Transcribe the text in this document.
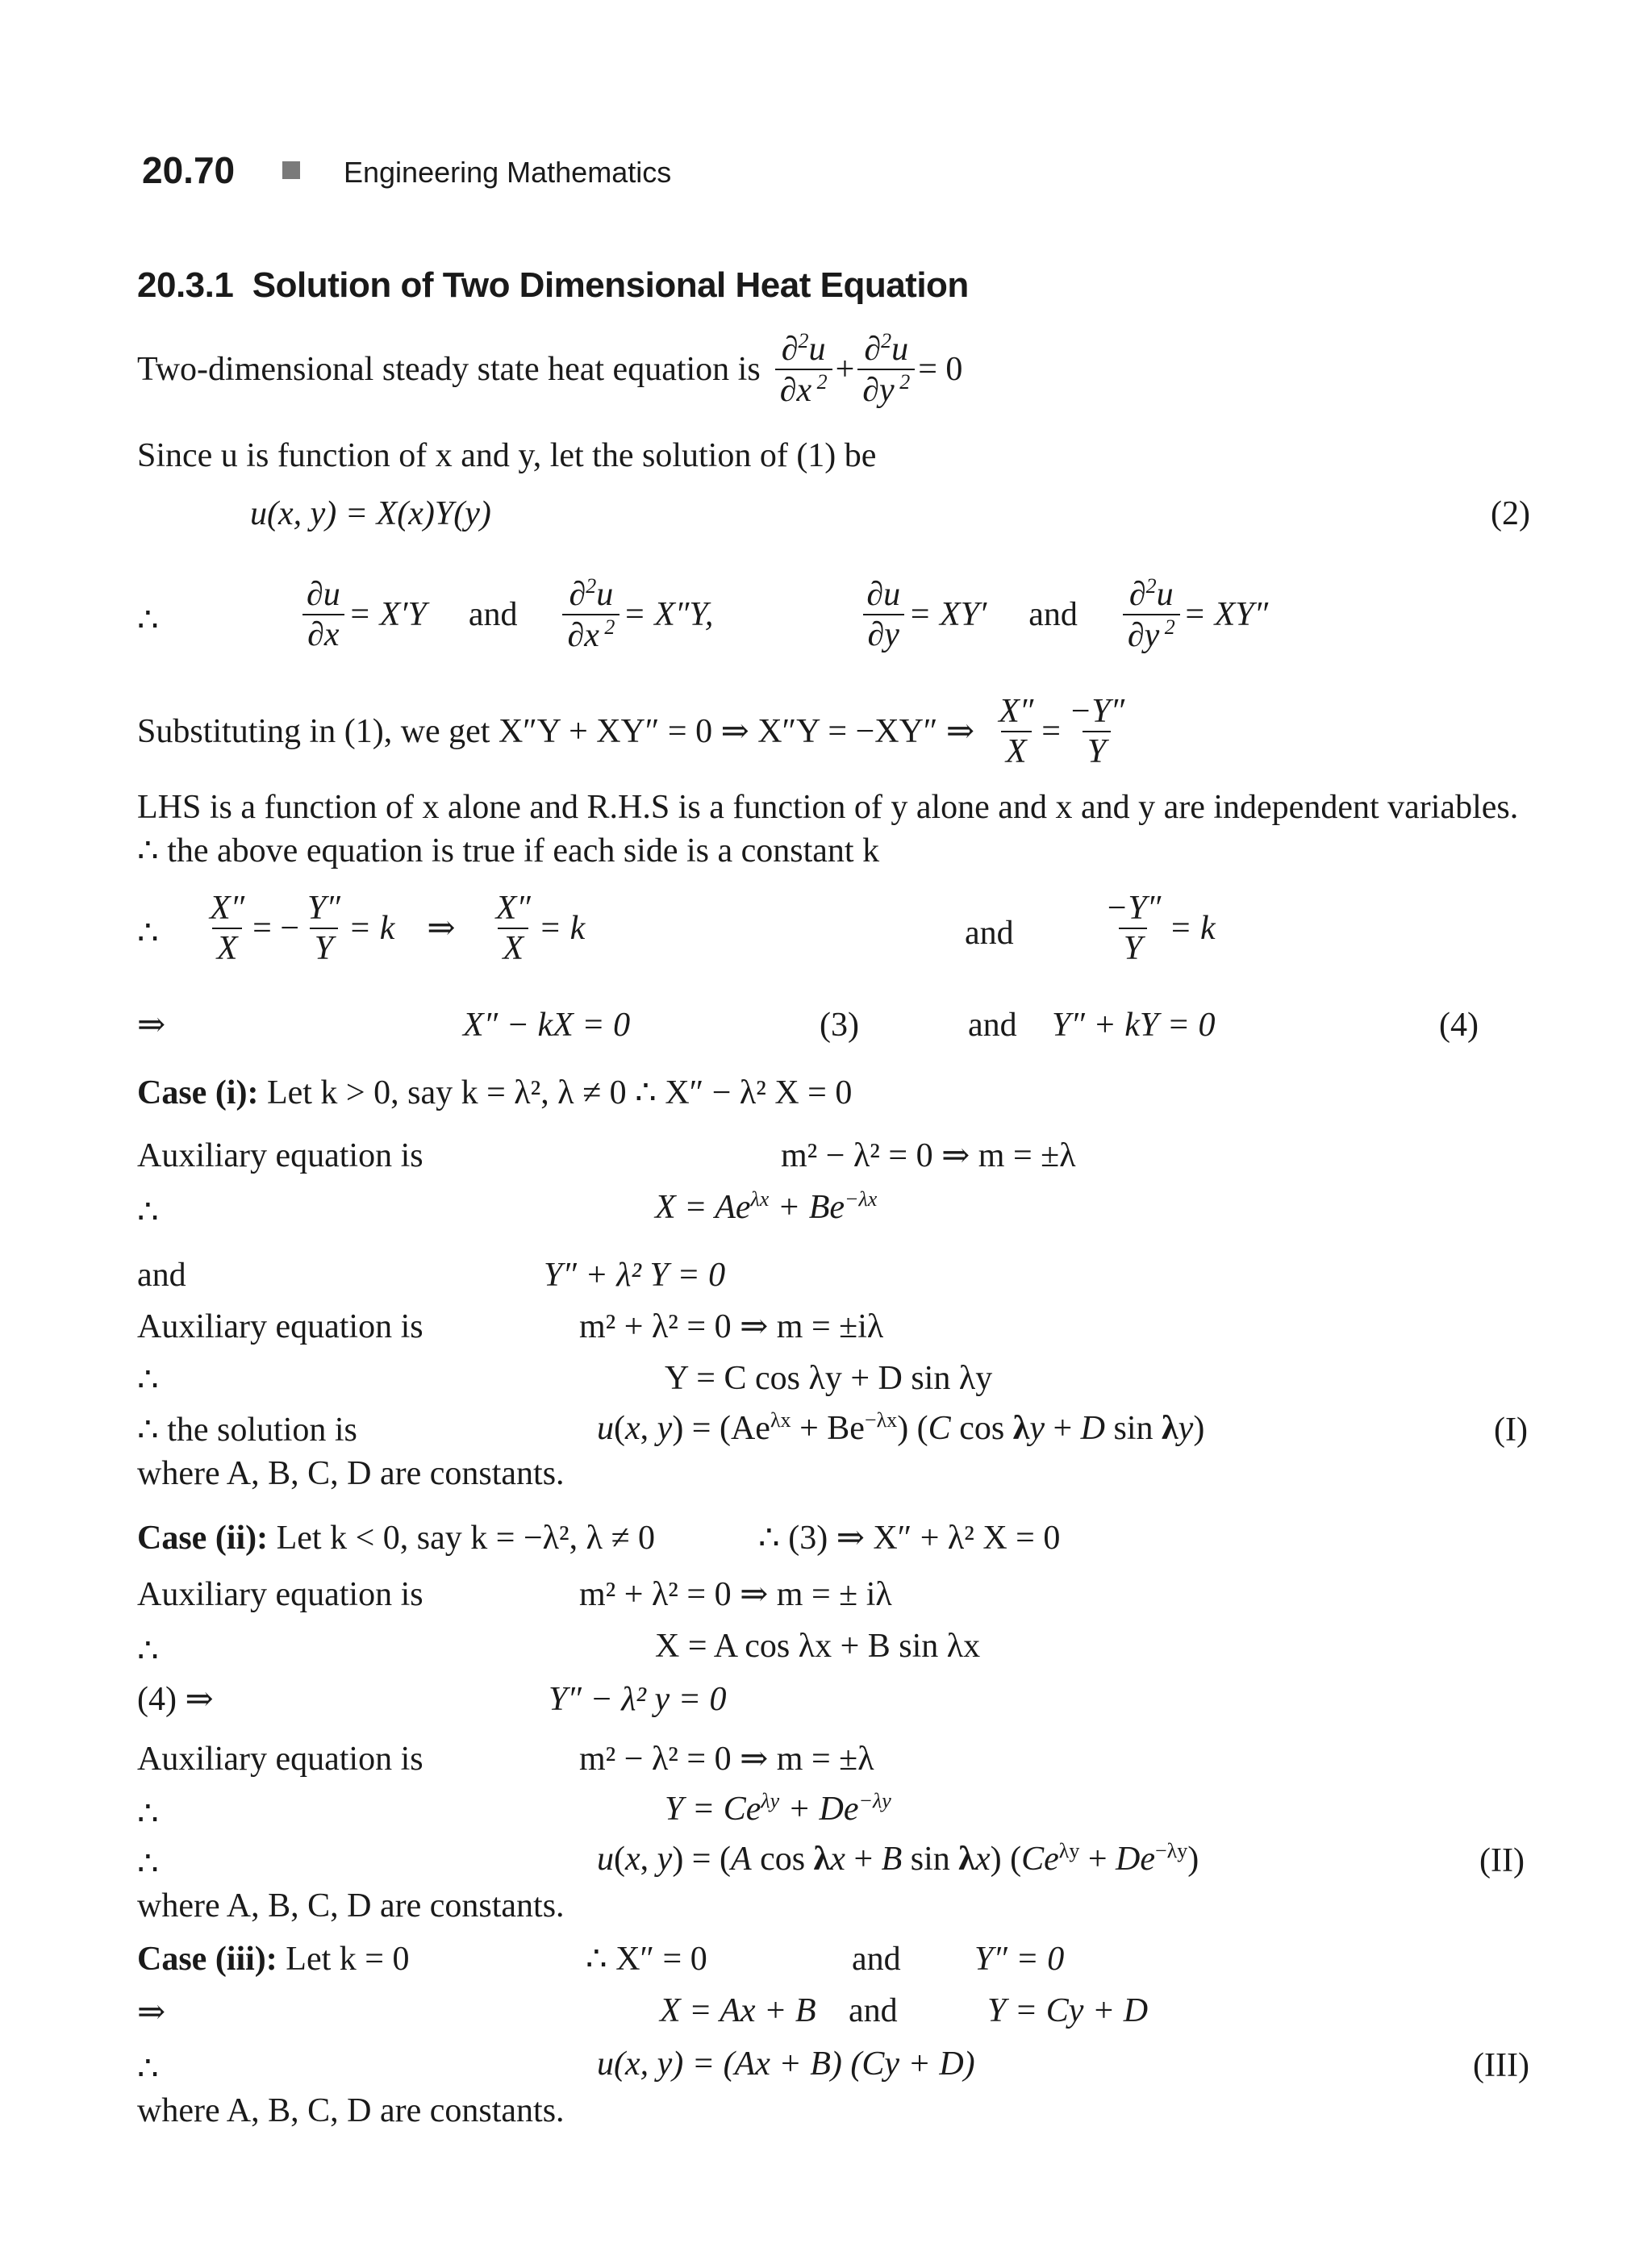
20.70	Engineering Mathematics
20.3.1 Solution of Two Dimensional Heat Equation
Two-dimensional steady state heat equation is $\frac{\partial^2u}{\partial x ^2} + \frac{\partial^2u}{\partial y ^2} = 0$
Since u is function of x and y, let the solution of (1) be
u(x, y) = X(x)Y(y)	(2)
∴	$\frac{\partial u}{\partial x} = X'Y$ and $\frac{\partial^2u}{\partial x ^2} = X''Y$,	$\frac{\partial u}{\partial y} = XY'$ and $\frac{\partial^2u}{\partial y ^2} = XY''$
Substituting in (1), we get X″Y + XY″ = 0 ⇒ X″Y = −XY″ ⇒ $\frac{X''}{X} = \frac{-Y''}{Y}$
LHS is a function of x alone and R.H.S is a function of y alone and x and y are independent variables.
∴ the above equation is true if each side is a constant k
∴ $\frac{X''}{X}$ = − $\frac{Y''}{Y} = k$ ⇒ $\frac{X''}{X} = k$	and	$\frac{-Y''}{Y} = k$
⇒	X″ − kX = 0	(3)	and Y″ + kY = 0	(4)
Case (i): Let k > 0, say k = λ², λ ≠ 0 ∴ X″ − λ² X = 0
Auxiliary equation is	m² − λ² = 0 ⇒ m = ±λ
∴	$X = Ae^{\lambda x} + Be^{-\lambda x}$
and	Y″ + λ² Y = 0
Auxiliary equation is	m² + λ² = 0 ⇒ m = ±iλ
∴	Y = C cos λy + D sin λy
∴ the solution is	u(x, $y) = (Ae^{\lambda x} + Be^{-\lambda x})$ (C cos λy + D sin λy)	(I)
where A, B, C, D are constants.
Case (ii): Let k < 0, say k = −λ², λ ≠ 0	∴ (3) ⇒ X″ + λ² X = 0
Auxiliary equation is	m² + λ² = 0 ⇒ m = ± iλ
∴	X = A cos λx + B sin λx
(4) ⇒	Y″ − λ² y = 0
Auxiliary equation is	m² − λ² = 0 ⇒ m = ±λ
∴	$Y = Ce^{\lambda y} + De^{-\lambda y}$
∴	u(x, y) = (A cos λx + B sin λx) $(Ce^{\lambda y} + De^{-\lambda y})$	(II)
where A, B, C, D are constants.
Case (iii): Let k = 0	∴ X″ = 0	and Y″ = 0
⇒	X = Ax + B and	Y = Cy + D
∴	u(x, y) = (Ax + B) (Cy + D)	(III)
where A, B, C, D are constants.
